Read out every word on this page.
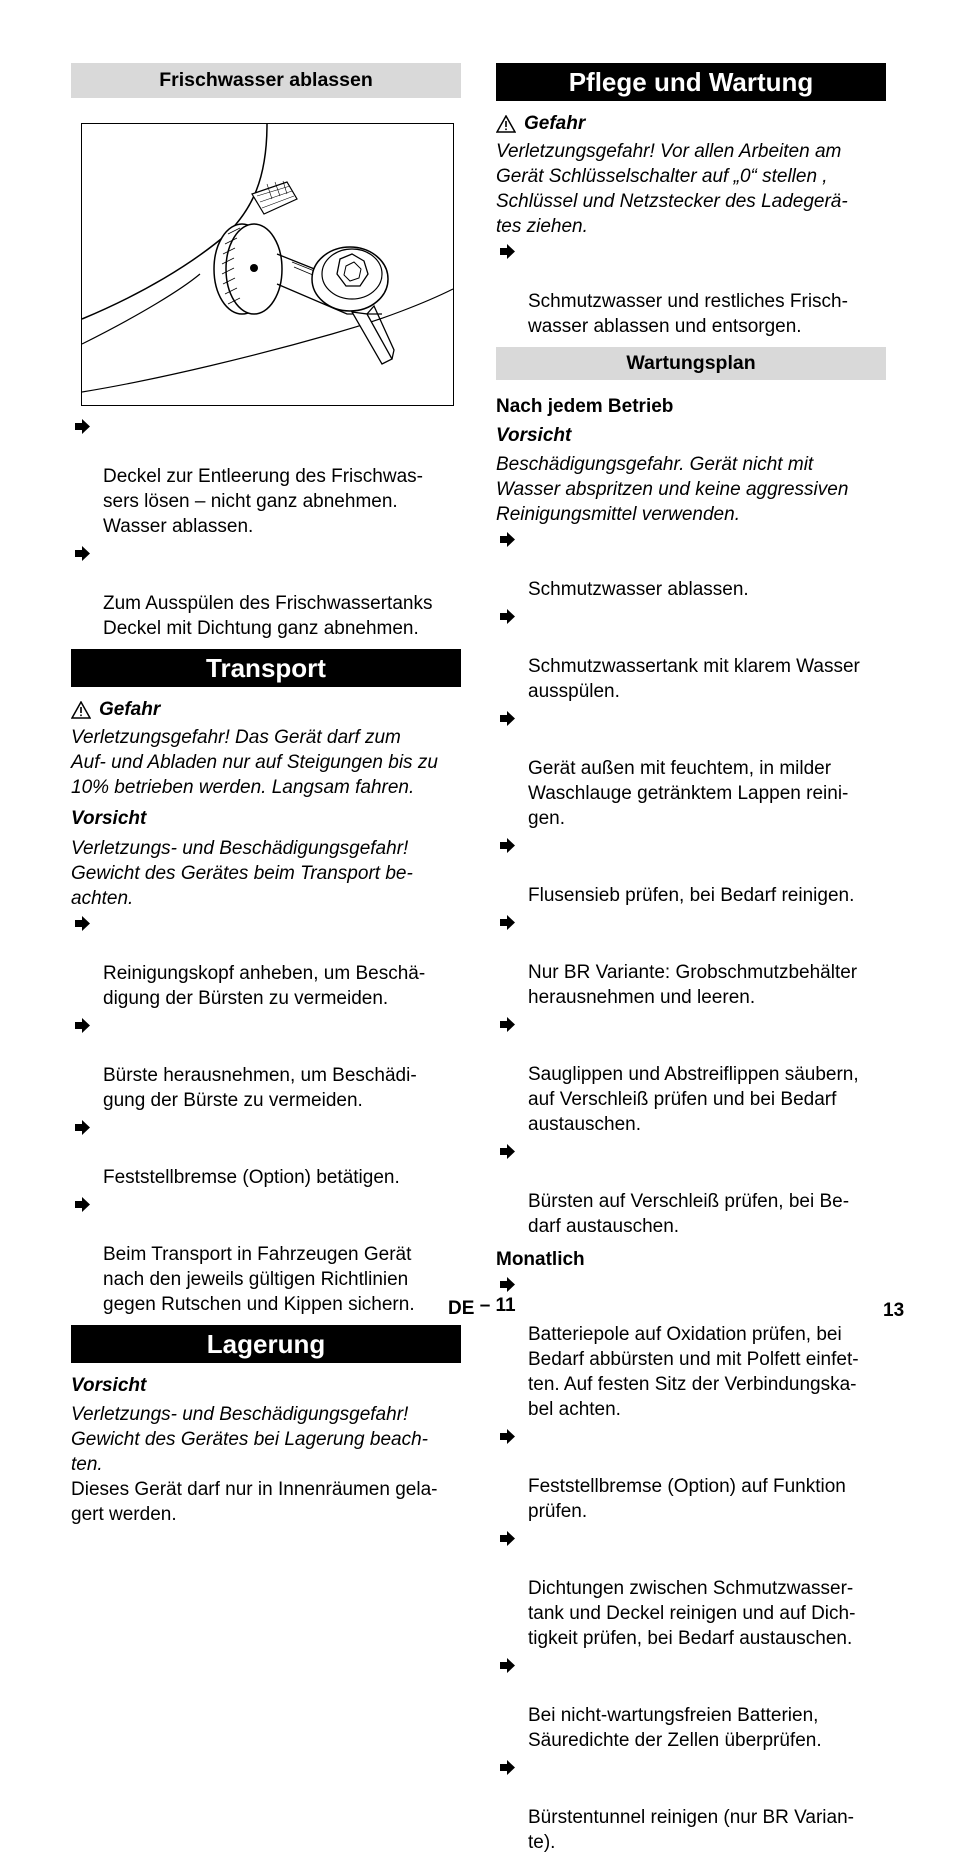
Frischwasser ablassen

Deckel zur Entleerung des Frischwas-
sers lösen – nicht ganz abnehmen.
Wasser ablassen.

Zum Ausspülen des Frischwassertanks
Deckel mit Dichtung ganz abnehmen.

Transport
Gefahr
Verletzungsgefahr! Das Gerät darf zum
Auf- und Abladen nur auf Steigungen bis zu
10% betrieben werden. Langsam fahren.
Vorsicht
Verletzungs- und Beschädigungsgefahr!
Gewicht des Gerätes beim Transport be-
achten.

Reinigungskopf anheben, um Beschä-
digung der Bürsten zu vermeiden.

Bürste herausnehmen, um Beschädi-
gung der Bürste zu vermeiden.

Feststellbremse (Option) betätigen.

Beim Transport in Fahrzeugen Gerät
nach den jeweils gültigen Richtlinien
gegen Rutschen und Kippen sichern.

Lagerung
Vorsicht
Verletzungs- und Beschädigungsgefahr!
Gewicht des Gerätes bei Lagerung beach-
ten.
Dieses Gerät darf nur in Innenräumen gela-
gert werden.
Pflege und Wartung
Gefahr
Verletzungsgefahr! Vor allen Arbeiten am
Gerät Schlüsselschalter auf „0“ stellen ,
Schlüssel und Netzstecker des Ladegerä-
tes ziehen.

Schmutzwasser und restliches Frisch-
wasser ablassen und entsorgen.

Wartungsplan
Nach jedem Betrieb
Vorsicht
Beschädigungsgefahr. Gerät nicht mit
Wasser abspritzen und keine aggressiven
Reinigungsmittel verwenden.

Schmutzwasser ablassen.

Schmutzwassertank mit klarem Wasser
ausspülen.

Gerät außen mit feuchtem, in milder
Waschlauge getränktem Lappen reini-
gen.

Flusensieb prüfen, bei Bedarf reinigen.

Nur BR Variante: Grobschmutzbehälter
herausnehmen und leeren.

Sauglippen und Abstreiflippen säubern,
auf Verschleiß prüfen und bei Bedarf
austauschen.

Bürsten auf Verschleiß prüfen, bei Be-
darf austauschen.

Monatlich

Batteriepole auf Oxidation prüfen, bei
Bedarf abbürsten und mit Polfett einfet-
ten. Auf festen Sitz der Verbindungska-
bel achten.

Feststellbremse (Option) auf Funktion
prüfen.

Dichtungen zwischen Schmutzwasser-
tank und Deckel reinigen und auf Dich-
tigkeit prüfen, bei Bedarf austauschen.

Bei nicht-wartungsfreien Batterien,
Säuredichte der Zellen überprüfen.

Bürstentunnel reinigen (nur BR Varian-
te).

DE – 11	13
